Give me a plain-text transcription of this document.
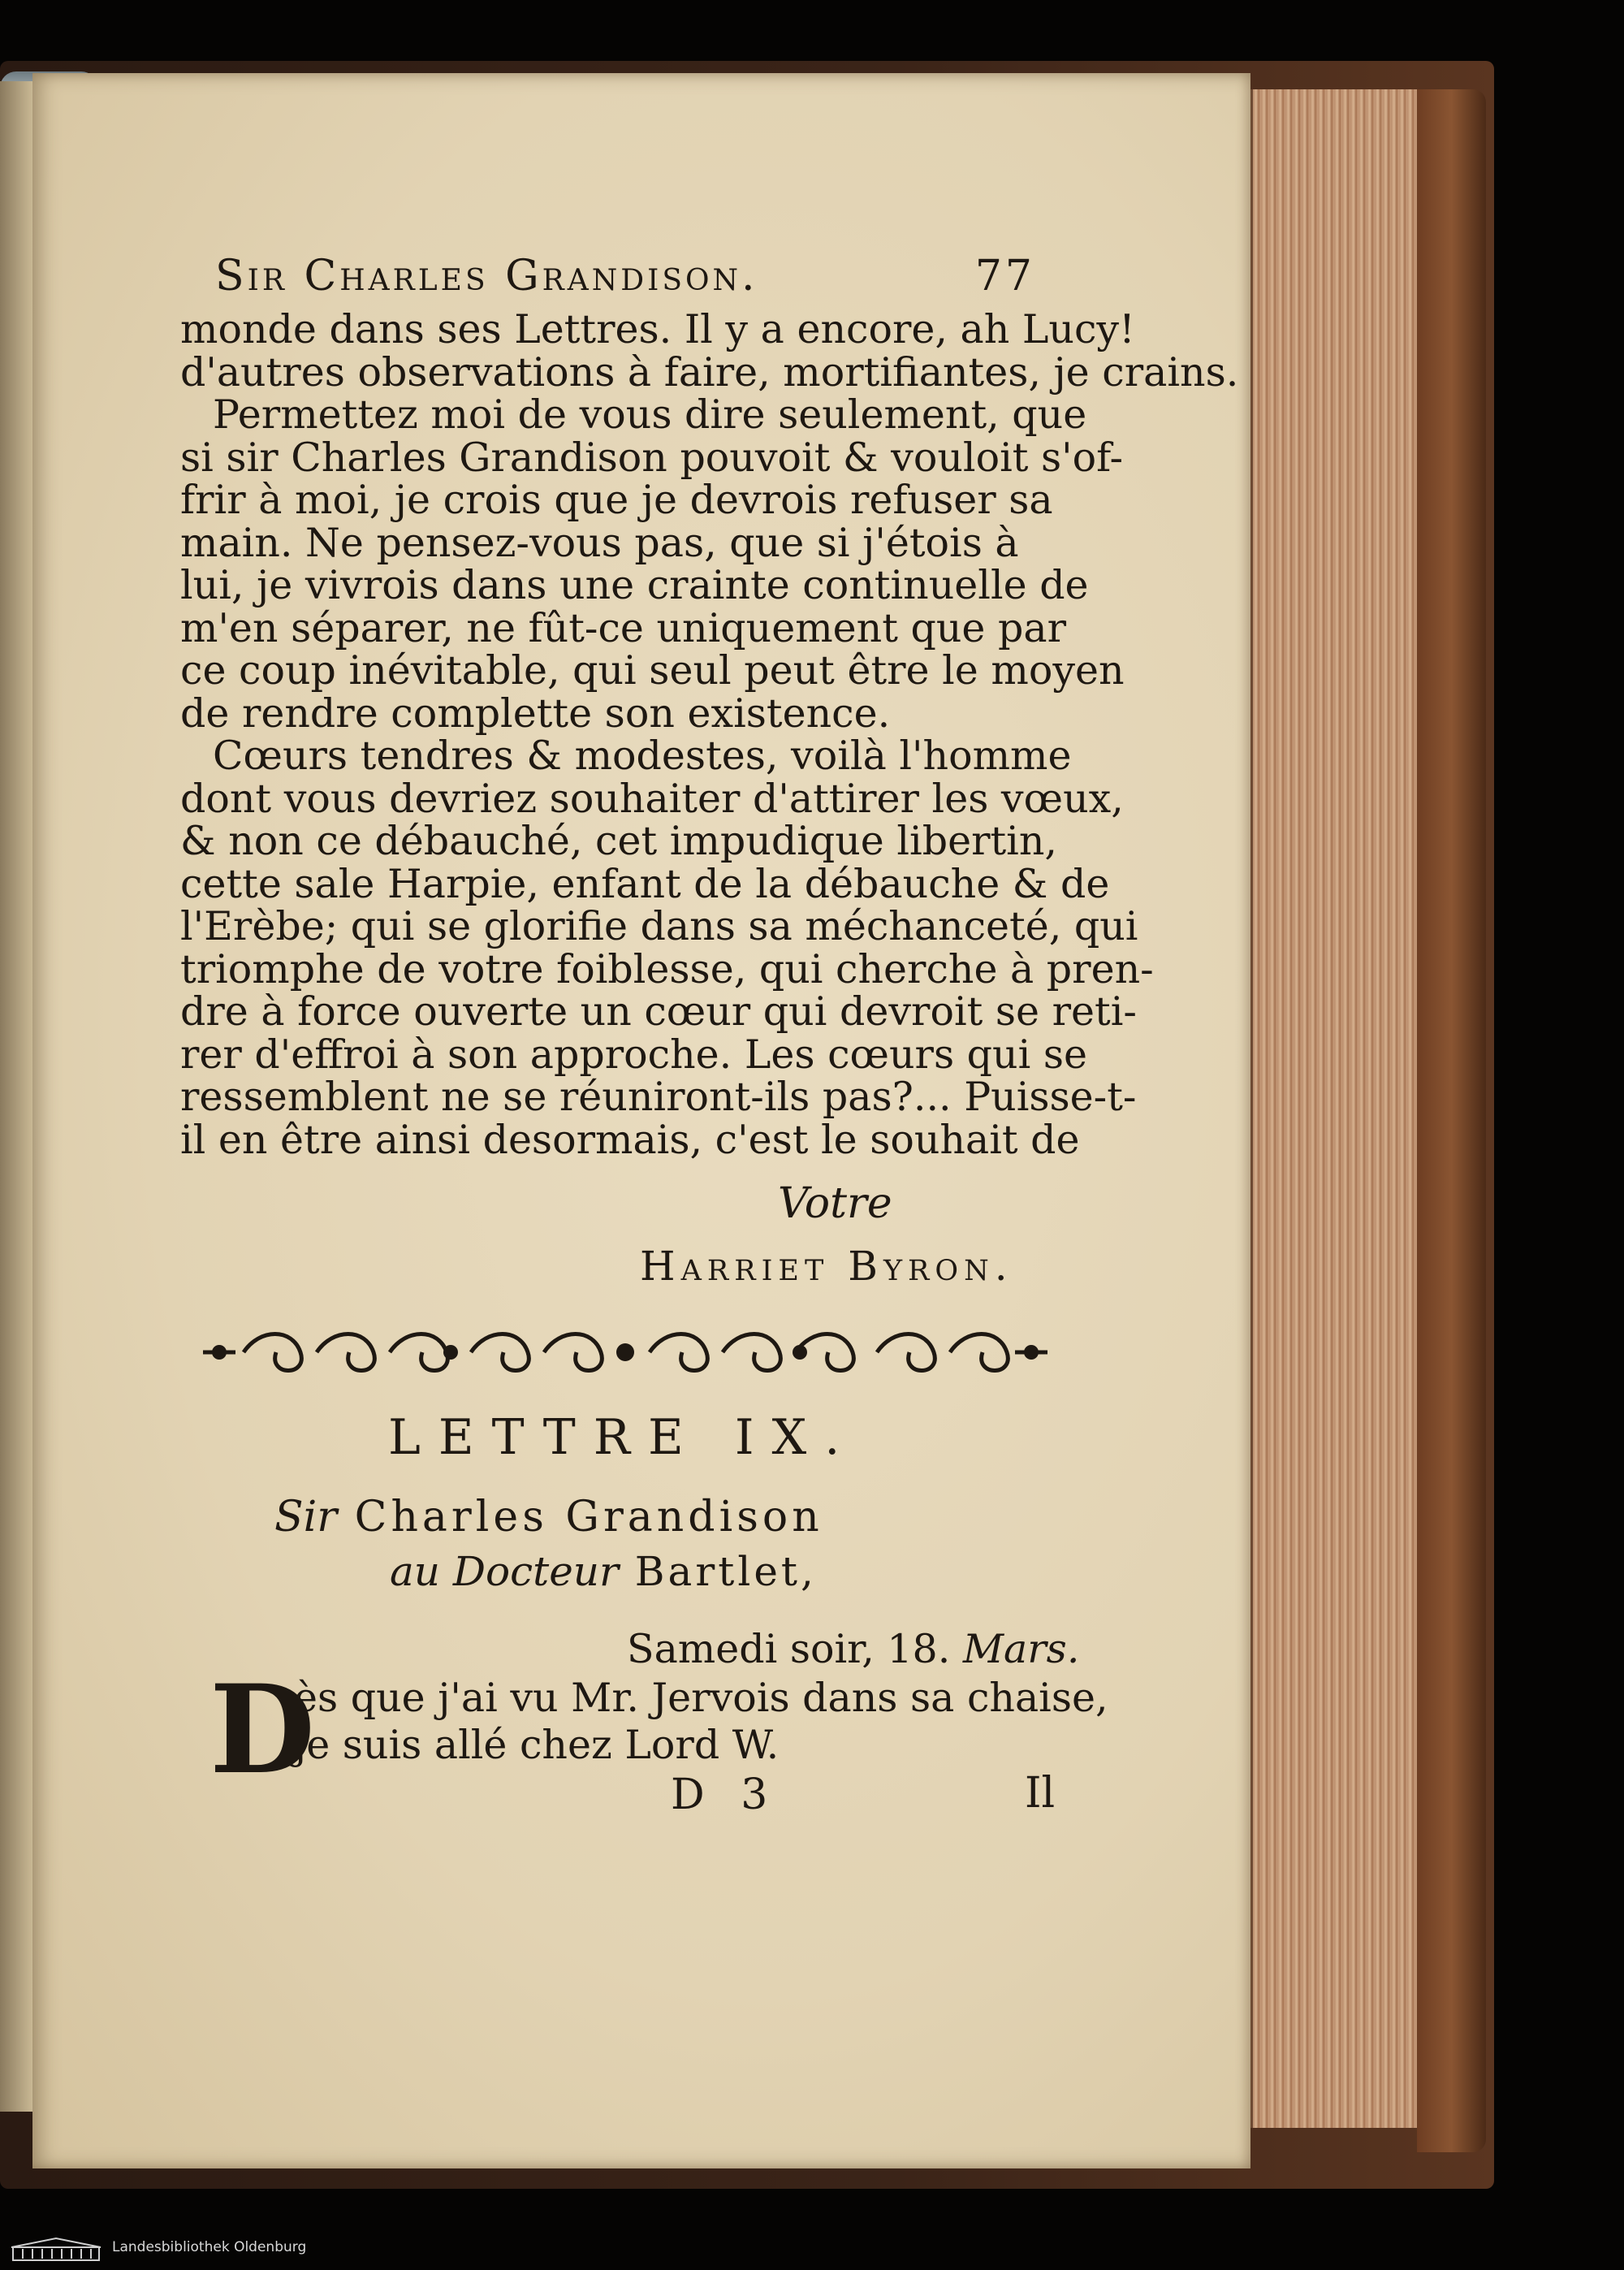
Sir Charles Grandison.	77
monde dans ses Lettres. Il y a encore, ah Lucy!
d'autres observations à faire, mortifiantes, je crains.
Permettez moi de vous dire seulement, que
si sir Charles Grandison pouvoit & vouloit s'of-
frir à moi, je crois que je devrois refuser sa
main. Ne pensez-vous pas, que si j'étois à
lui, je vivrois dans une crainte continuelle de
m'en séparer, ne fût-ce uniquement que par
ce coup inévitable, qui seul peut être le moyen
de rendre complette son existence.
Cœurs tendres & modestes, voilà l'homme
dont vous devriez souhaiter d'attirer les vœux,
& non ce débauché, cet impudique libertin,
cette sale Harpie, enfant de la débauche & de
l'Erèbe; qui se glorifie dans sa méchanceté, qui
triomphe de votre foiblesse, qui cherche à pren-
dre à force ouverte un cœur qui devroit se reti-
rer d'effroi à son approche. Les cœurs qui se
ressemblent ne se réuniront-ils pas?... Puisse-t-
il en être ainsi desormais, c'est le souhait de
Votre
Harriet Byron.
LETTRE IX.
Sir Charles Grandison
au Docteur Bartlet,
Samedi soir, 18. Mars.
D
ès que j'ai vu Mr. Jervois dans sa chaise,
je suis allé chez Lord W.
D 3	Il
Landesbibliothek Oldenburg
